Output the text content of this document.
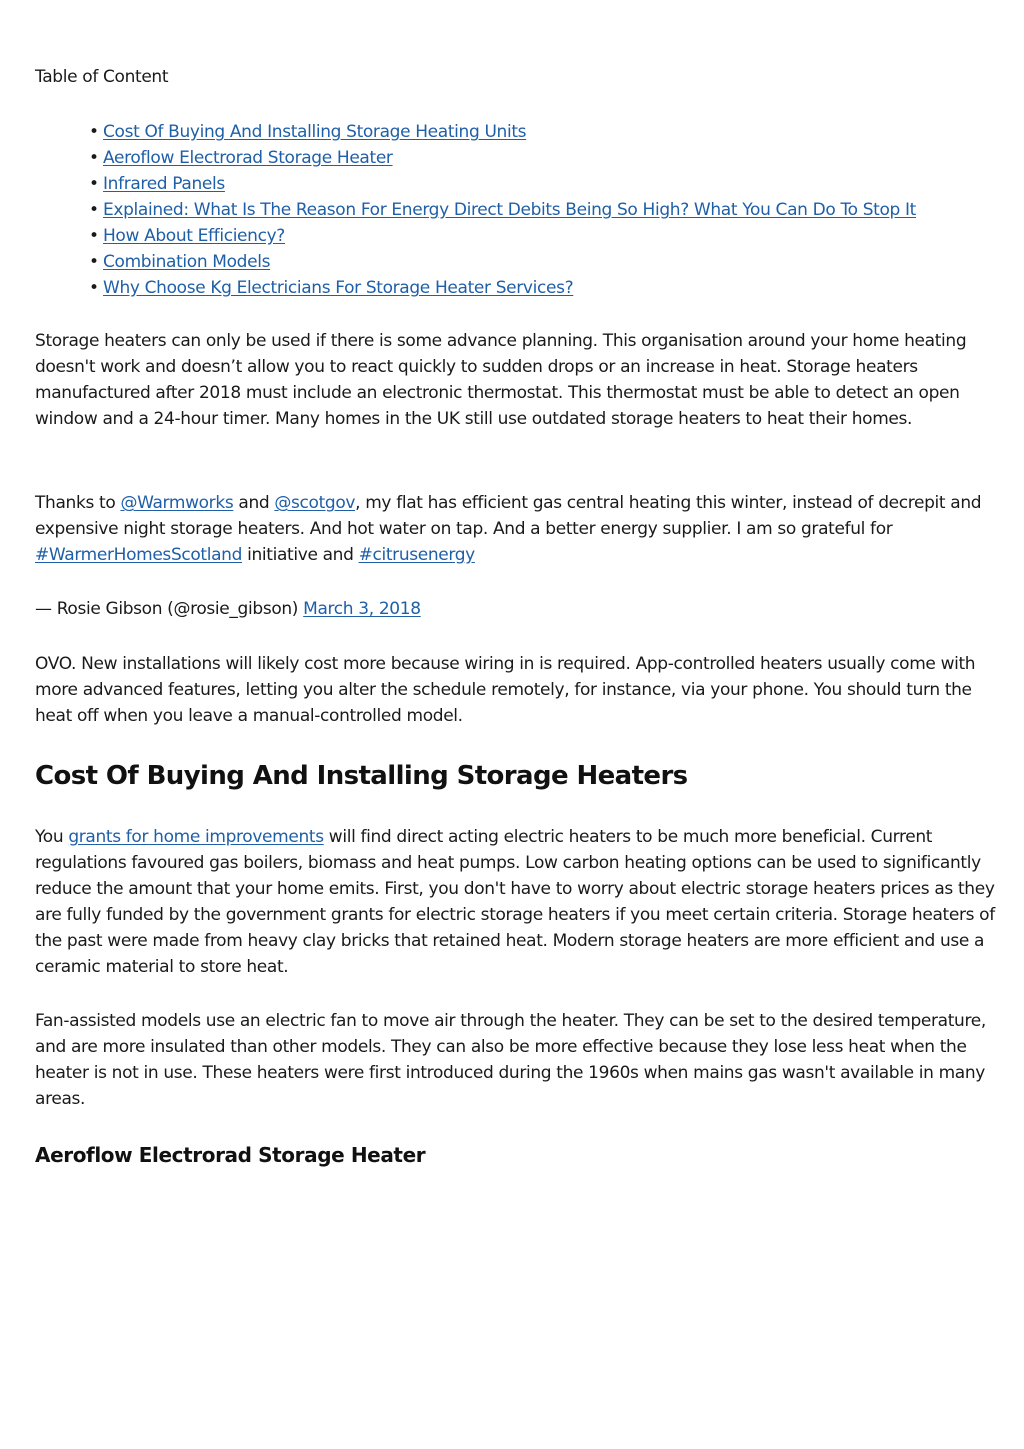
Table of Content

• Cost Of Buying And Installing Storage Heating Units
• Aeroflow Electrorad Storage Heater
• Infrared Panels
• Explained: What Is The Reason For Energy Direct Debits Being So High? What You Can Do To Stop It
• How About Efficiency?
• Combination Models
• Why Choose Kg Electricians For Storage Heater Services?

Storage heaters can only be used if there is some advance planning. This organisation around your home heating doesn't work and doesn’t allow you to react quickly to sudden drops or an increase in heat. Storage heaters manufactured after 2018 must include an electronic thermostat. This thermostat must be able to detect an open window and a 24-hour timer. Many homes in the UK still use outdated storage heaters to heat their homes.

Thanks to @Warmworks and @scotgov, my flat has efficient gas central heating this winter, instead of decrepit and expensive night storage heaters. And hot water on tap. And a better energy supplier. I am so grateful for #WarmerHomesScotland initiative and #citrusenergy

— Rosie Gibson (@rosie_gibson) March 3, 2018

OVO. New installations will likely cost more because wiring in is required. App-controlled heaters usually come with more advanced features, letting you alter the schedule remotely, for instance, via your phone. You should turn the heat off when you leave a manual-controlled model.

Cost Of Buying And Installing Storage Heaters

You grants for home improvements will find direct acting electric heaters to be much more beneficial. Current regulations favoured gas boilers, biomass and heat pumps. Low carbon heating options can be used to significantly reduce the amount that your home emits. First, you don't have to worry about electric storage heaters prices as they are fully funded by the government grants for electric storage heaters if you meet certain criteria. Storage heaters of the past were made from heavy clay bricks that retained heat. Modern storage heaters are more efficient and use a ceramic material to store heat.

Fan-assisted models use an electric fan to move air through the heater. They can be set to the desired temperature, and are more insulated than other models. They can also be more effective because they lose less heat when the heater is not in use. These heaters were first introduced during the 1960s when mains gas wasn't available in many areas.

Aeroflow Electrorad Storage Heater
